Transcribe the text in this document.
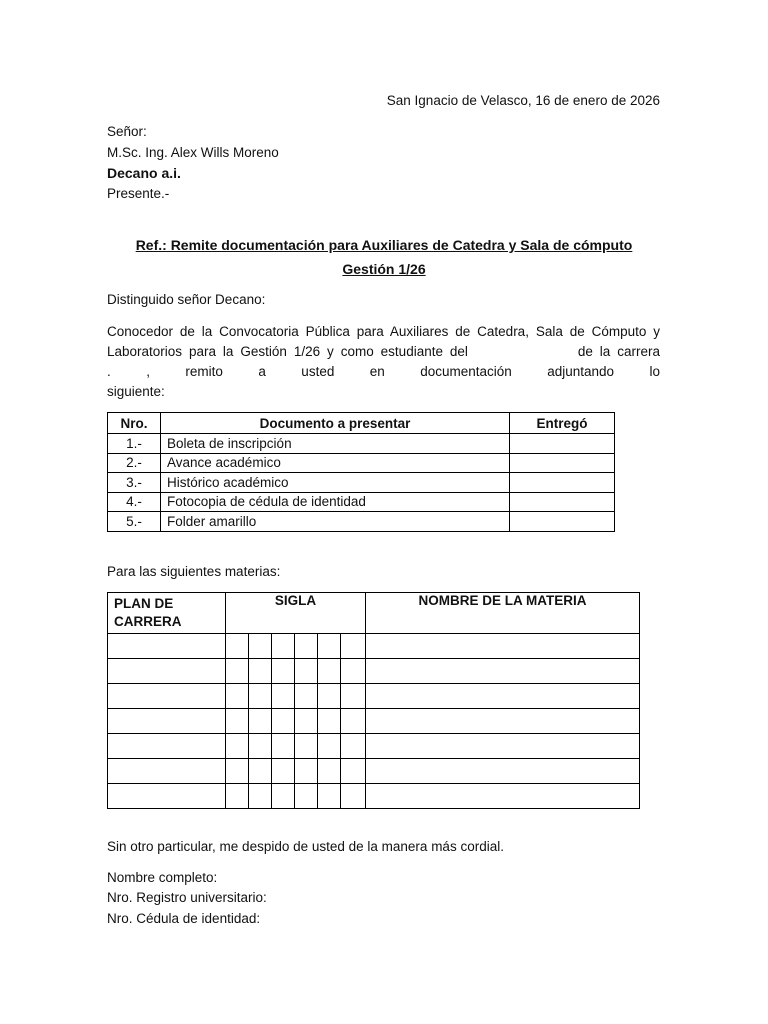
San Ignacio de Velasco, 16 de enero de 2026
Señor:
M.Sc. Ing. Alex Wills Moreno
Decano a.i.
Presente.-
Ref.: Remite documentación para Auxiliares de Catedra y Sala de cómputo
Gestión 1/26
Distinguido señor Decano:
Conocedor de la Convocatoria Pública para Auxiliares de Catedra, Sala de Cómputo y
Laboratorios para la Gestión 1/26 y como estudiante del	de la carrera
.	, remito a usted en documentación adjuntando lo
siguiente:
Nro.	Documento a presentar	Entregó
1.-	Boleta de inscripción	
2.-	Avance académico	
3.-	Histórico académico	
4.-	Fotocopia de cédula de identidad	
5.-	Folder amarillo	
Para las siguientes materias:
PLAN DE CARRERA	SIGLA						NOMBRE DE LA MATERIA

Sin otro particular, me despido de usted de la manera más cordial.
Nombre completo:
Nro. Registro universitario:
Nro. Cédula de identidad:
